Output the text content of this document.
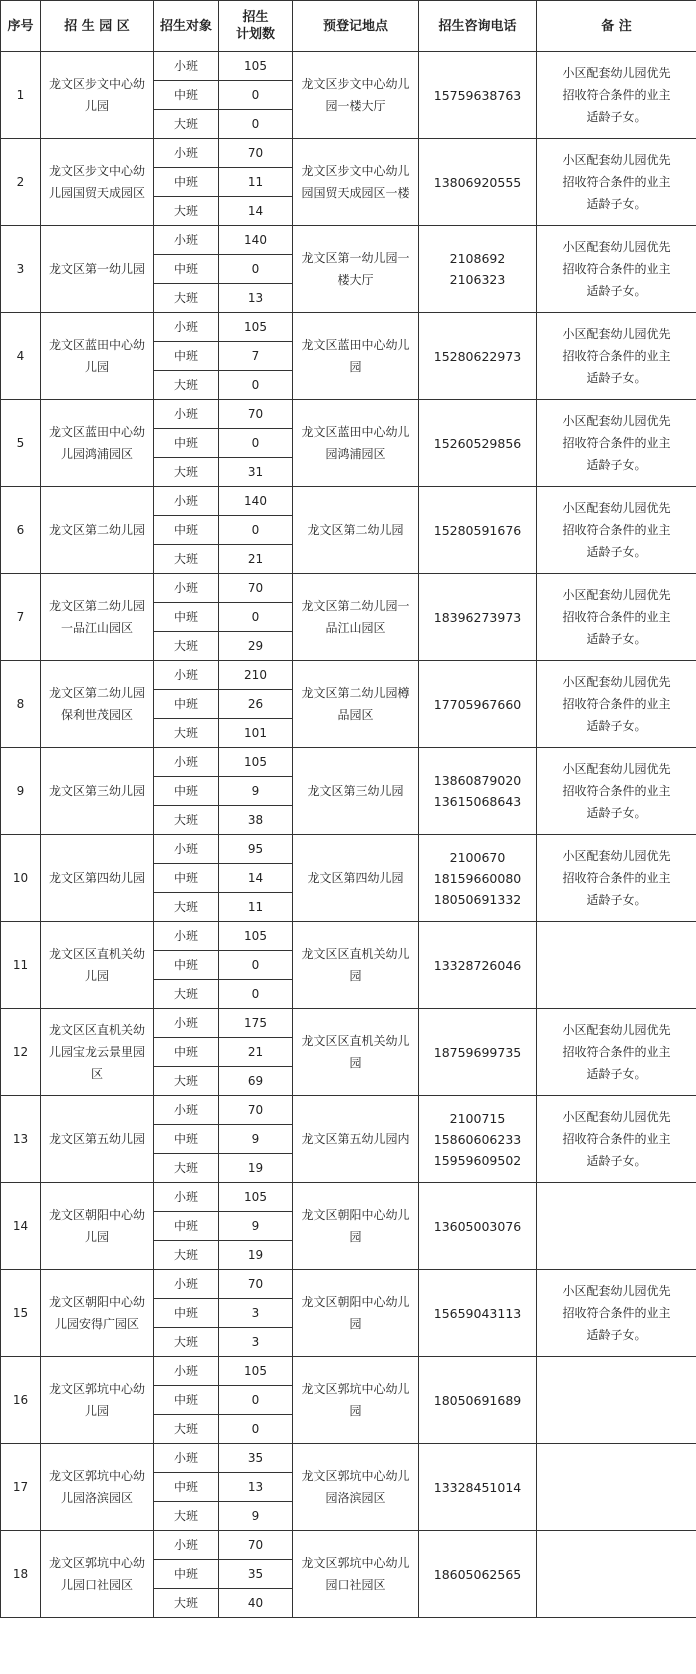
序号	招 生 园 区	招生对象	招生
计划数	预登记地点	招生咨询电话	备 注
1	龙文区步文中心幼
儿园	小班	105	龙文区步文中心幼儿
园一楼大厅	15759638763	小区配套幼儿园优先
招收符合条件的业主
适龄子女。
		中班	0			
		大班	0			
2	龙文区步文中心幼
儿园国贸天成园区	小班	70	龙文区步文中心幼儿
园国贸天成园区一楼	13806920555	小区配套幼儿园优先
招收符合条件的业主
适龄子女。
		中班	11			
		大班	14			
3	龙文区第一幼儿园	小班	140	龙文区第一幼儿园一
楼大厅	2108692
2106323	小区配套幼儿园优先
招收符合条件的业主
适龄子女。
		中班	0			
		大班	13			
4	龙文区蓝田中心幼
儿园	小班	105	龙文区蓝田中心幼儿
园	15280622973	小区配套幼儿园优先
招收符合条件的业主
适龄子女。
		中班	7			
		大班	0			
5	龙文区蓝田中心幼
儿园鸿浦园区	小班	70	龙文区蓝田中心幼儿
园鸿浦园区	15260529856	小区配套幼儿园优先
招收符合条件的业主
适龄子女。
		中班	0			
		大班	31			
6	龙文区第二幼儿园	小班	140	龙文区第二幼儿园	15280591676	小区配套幼儿园优先
招收符合条件的业主
适龄子女。
		中班	0			
		大班	21			
7	龙文区第二幼儿园
一品江山园区	小班	70	龙文区第二幼儿园一
品江山园区	18396273973	小区配套幼儿园优先
招收符合条件的业主
适龄子女。
		中班	0			
		大班	29			
8	龙文区第二幼儿园
保利世茂园区	小班	210	龙文区第二幼儿园樽
品园区	17705967660	小区配套幼儿园优先
招收符合条件的业主
适龄子女。
		中班	26			
		大班	101			
9	龙文区第三幼儿园	小班	105	龙文区第三幼儿园	13860879020
13615068643	小区配套幼儿园优先
招收符合条件的业主
适龄子女。
		中班	9			
		大班	38			
10	龙文区第四幼儿园	小班	95	龙文区第四幼儿园	2100670
18159660080
18050691332	小区配套幼儿园优先
招收符合条件的业主
适龄子女。
		中班	14			
		大班	11			
11	龙文区区直机关幼
儿园	小班	105	龙文区区直机关幼儿
园	13328726046	
		中班	0			
		大班	0			
12	龙文区区直机关幼
儿园宝龙云景里园
区	小班	175	龙文区区直机关幼儿
园	18759699735	小区配套幼儿园优先
招收符合条件的业主
适龄子女。
		中班	21			
		大班	69			
13	龙文区第五幼儿园	小班	70	龙文区第五幼儿园内	2100715
15860606233
15959609502	小区配套幼儿园优先
招收符合条件的业主
适龄子女。
		中班	9			
		大班	19			
14	龙文区朝阳中心幼
儿园	小班	105	龙文区朝阳中心幼儿
园	13605003076	
		中班	9			
		大班	19			
15	龙文区朝阳中心幼
儿园安得广园区	小班	70	龙文区朝阳中心幼儿
园	15659043113	小区配套幼儿园优先
招收符合条件的业主
适龄子女。
		中班	3			
		大班	3			
16	龙文区郭坑中心幼
儿园	小班	105	龙文区郭坑中心幼儿
园	18050691689	
		中班	0			
		大班	0			
17	龙文区郭坑中心幼
儿园洛滨园区	小班	35	龙文区郭坑中心幼儿
园洛滨园区	13328451014	
		中班	13			
		大班	9			
18	龙文区郭坑中心幼
儿园口社园区	小班	70	龙文区郭坑中心幼儿
园口社园区	18605062565	
		中班	35			
		大班	40			
